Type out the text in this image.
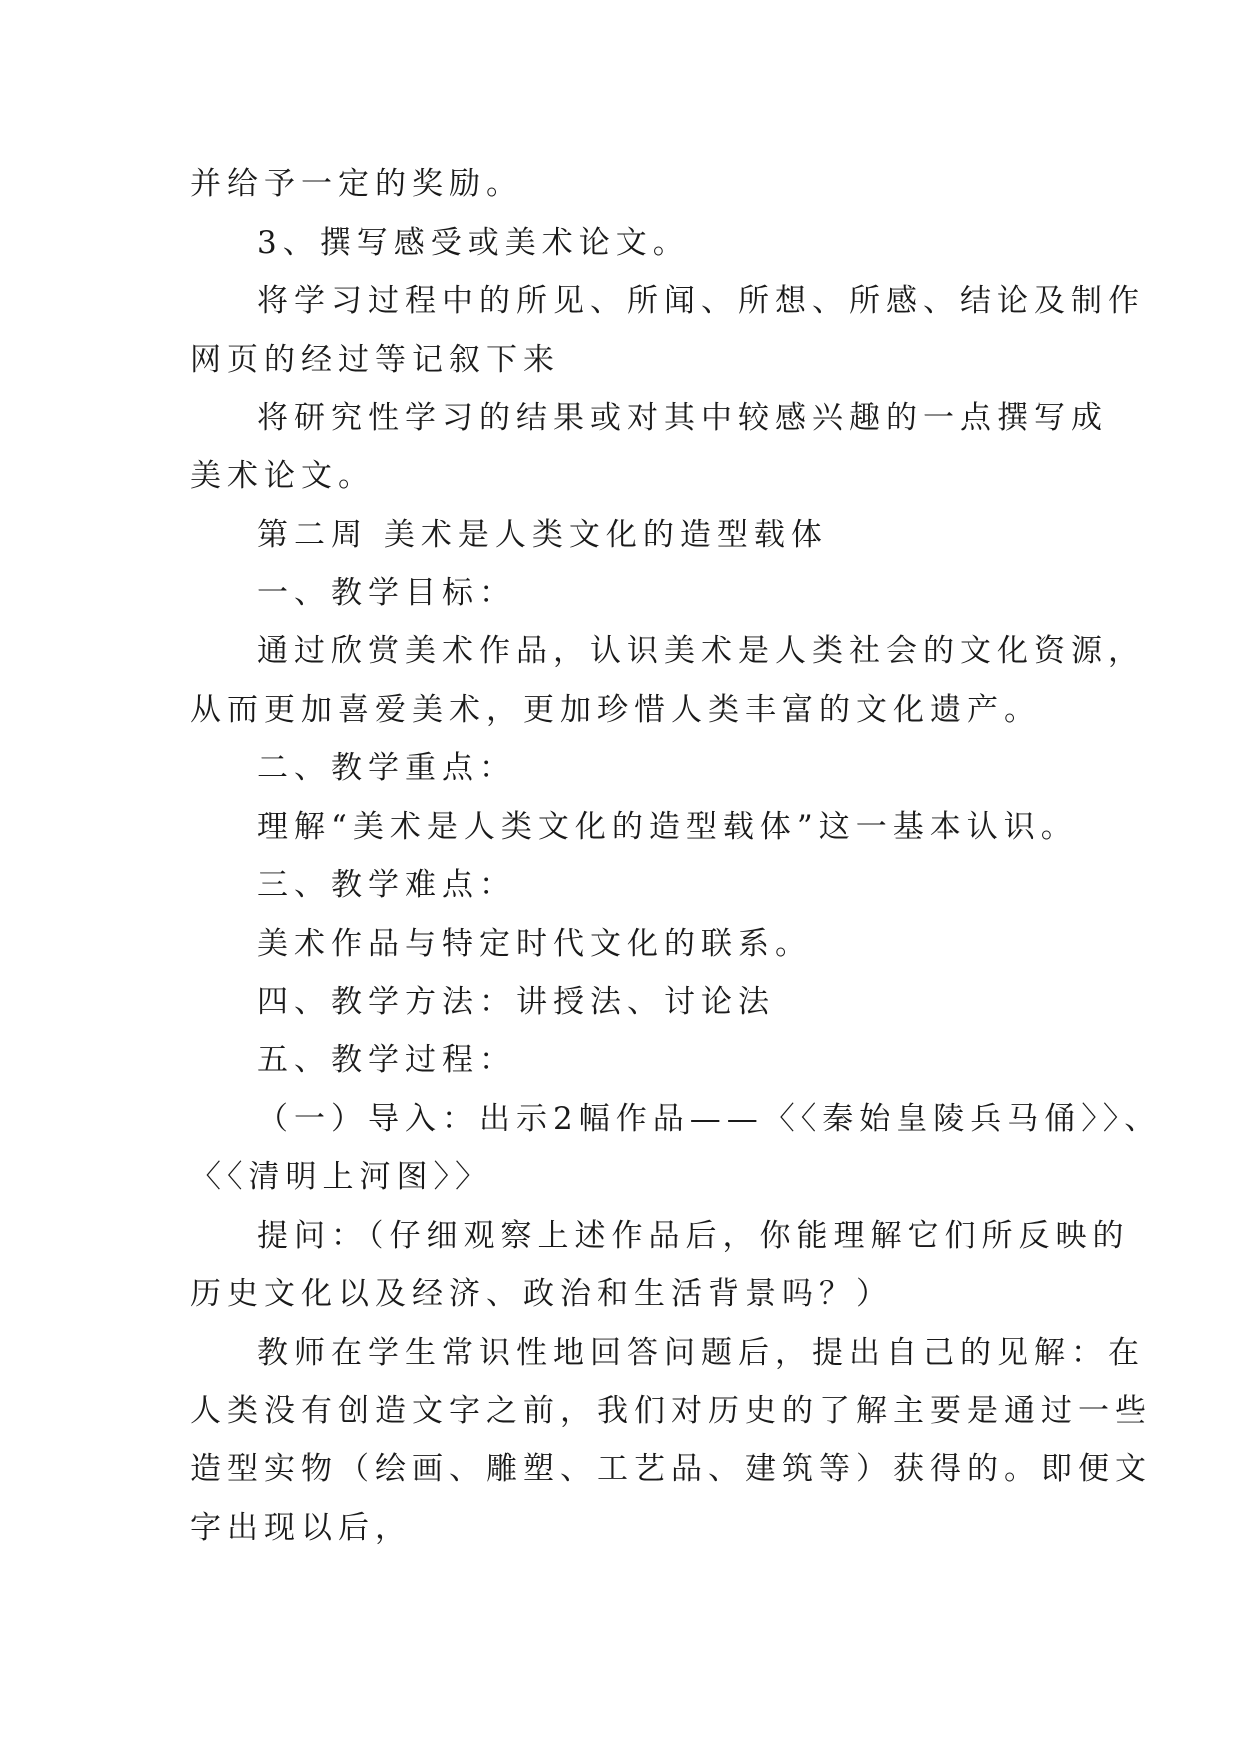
并给予一定的奖励。
3、撰写感受或美术论文。
将学习过程中的所见、所闻、所想、所感、结论及制作
网页的经过等记叙下来
将研究性学习的结果或对其中较感兴趣的一点撰写成
美术论文。
第二周 美术是人类文化的造型载体
一、教学目标：
通过欣赏美术作品，认识美术是人类社会的文化资源，
从而更加喜爱美术，更加珍惜人类丰富的文化遗产。
二、教学重点：
理解“美术是人类文化的造型载体”这一基本认识。
三、教学难点：
美术作品与特定时代文化的联系。
四、教学方法：讲授法、讨论法
五、教学过程：
（一）导入：出示2幅作品——〈〈秦始皇陵兵马俑〉〉、
〈〈清明上河图〉〉
提问：（仔细观察上述作品后，你能理解它们所反映的
历史文化以及经济、政治和生活背景吗？）
教师在学生常识性地回答问题后，提出自己的见解：在
人类没有创造文字之前，我们对历史的了解主要是通过一些
造型实物（绘画、雕塑、工艺品、建筑等）获得的。即便文
字出现以后，
